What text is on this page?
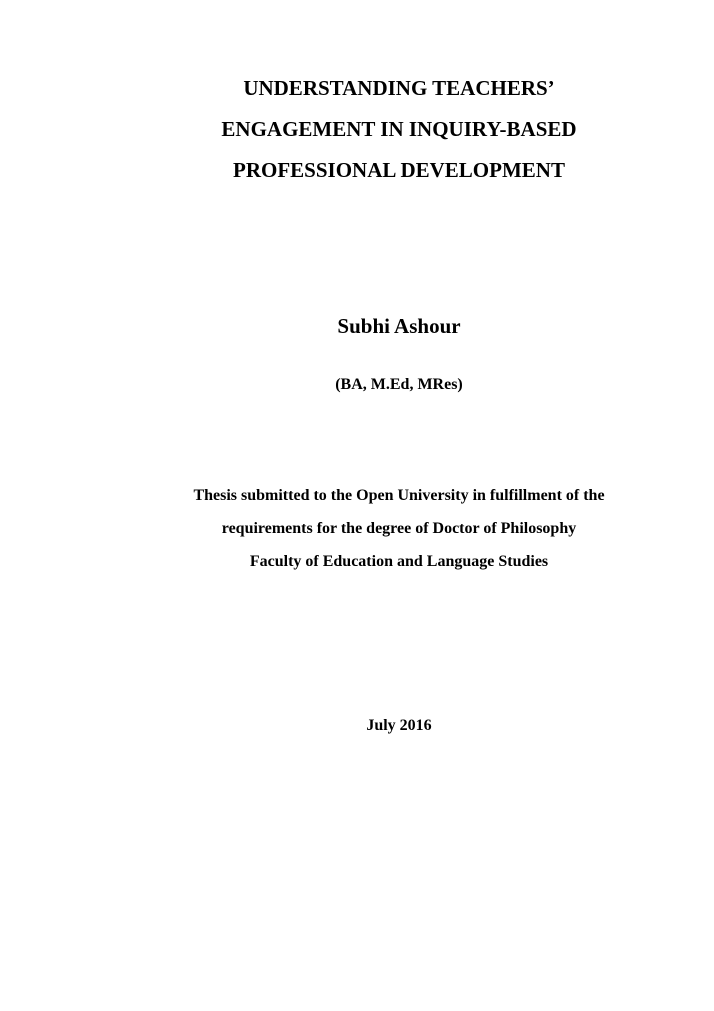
UNDERSTANDING TEACHERS’
ENGAGEMENT IN INQUIRY-BASED
PROFESSIONAL DEVELOPMENT
Subhi Ashour
(BA, M.Ed, MRes)
Thesis submitted to the Open University in fulfillment of the
requirements for the degree of Doctor of Philosophy
Faculty of Education and Language Studies
July 2016
